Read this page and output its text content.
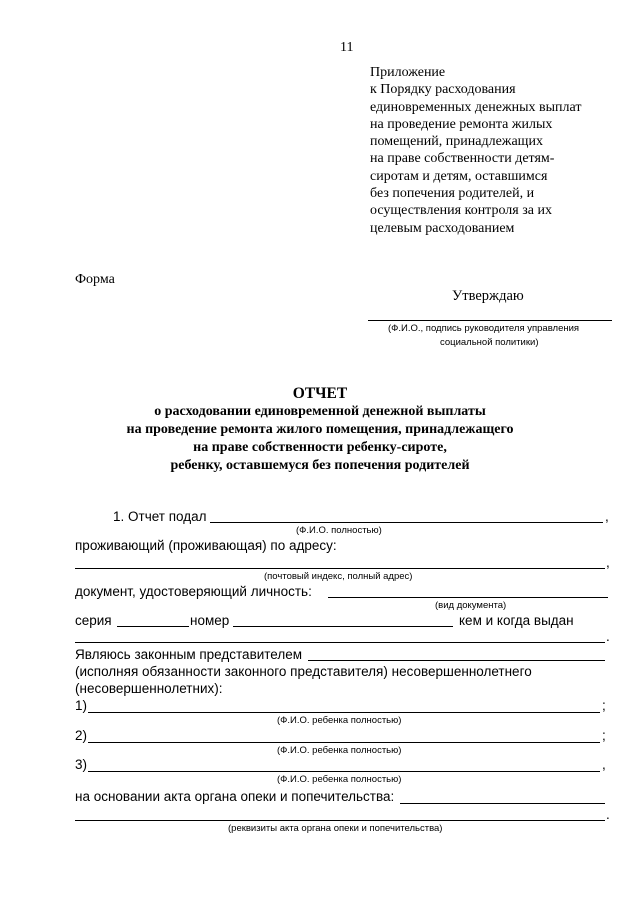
11
Приложение
к Порядку расходования
единовременных денежных выплат
на проведение ремонта жилых
помещений, принадлежащих
на праве собственности детям-
сиротам и детям, оставшимся
без попечения родителей, и
осуществления контроля за их
целевым расходованием
Форма
Утверждаю
(Ф.И.О., подпись руководителя управления
социальной политики)
ОТЧЕТ
о расходовании единовременной денежной выплаты
на проведение ремонта жилого помещения, принадлежащего
на праве собственности ребенку-сироте,
ребенку, оставшемуся без попечения родителей
1. Отчет подал	,
(Ф.И.О. полностью)
проживающий (проживающая) по адресу:
,
(почтовый индекс, полный адрес)
документ, удостоверяющий личность:
(вид документа)
серия	номер	кем и когда выдан
.
Являюсь законным представителем
(исполняя обязанности законного представителя) несовершеннолетнего
(несовершеннолетних):
1)	;
(Ф.И.О. ребенка полностью)
2)	;
(Ф.И.О. ребенка полностью)
3)	,
(Ф.И.О. ребенка полностью)
на основании акта органа опеки и попечительства:
.
(реквизиты акта органа опеки и попечительства)
